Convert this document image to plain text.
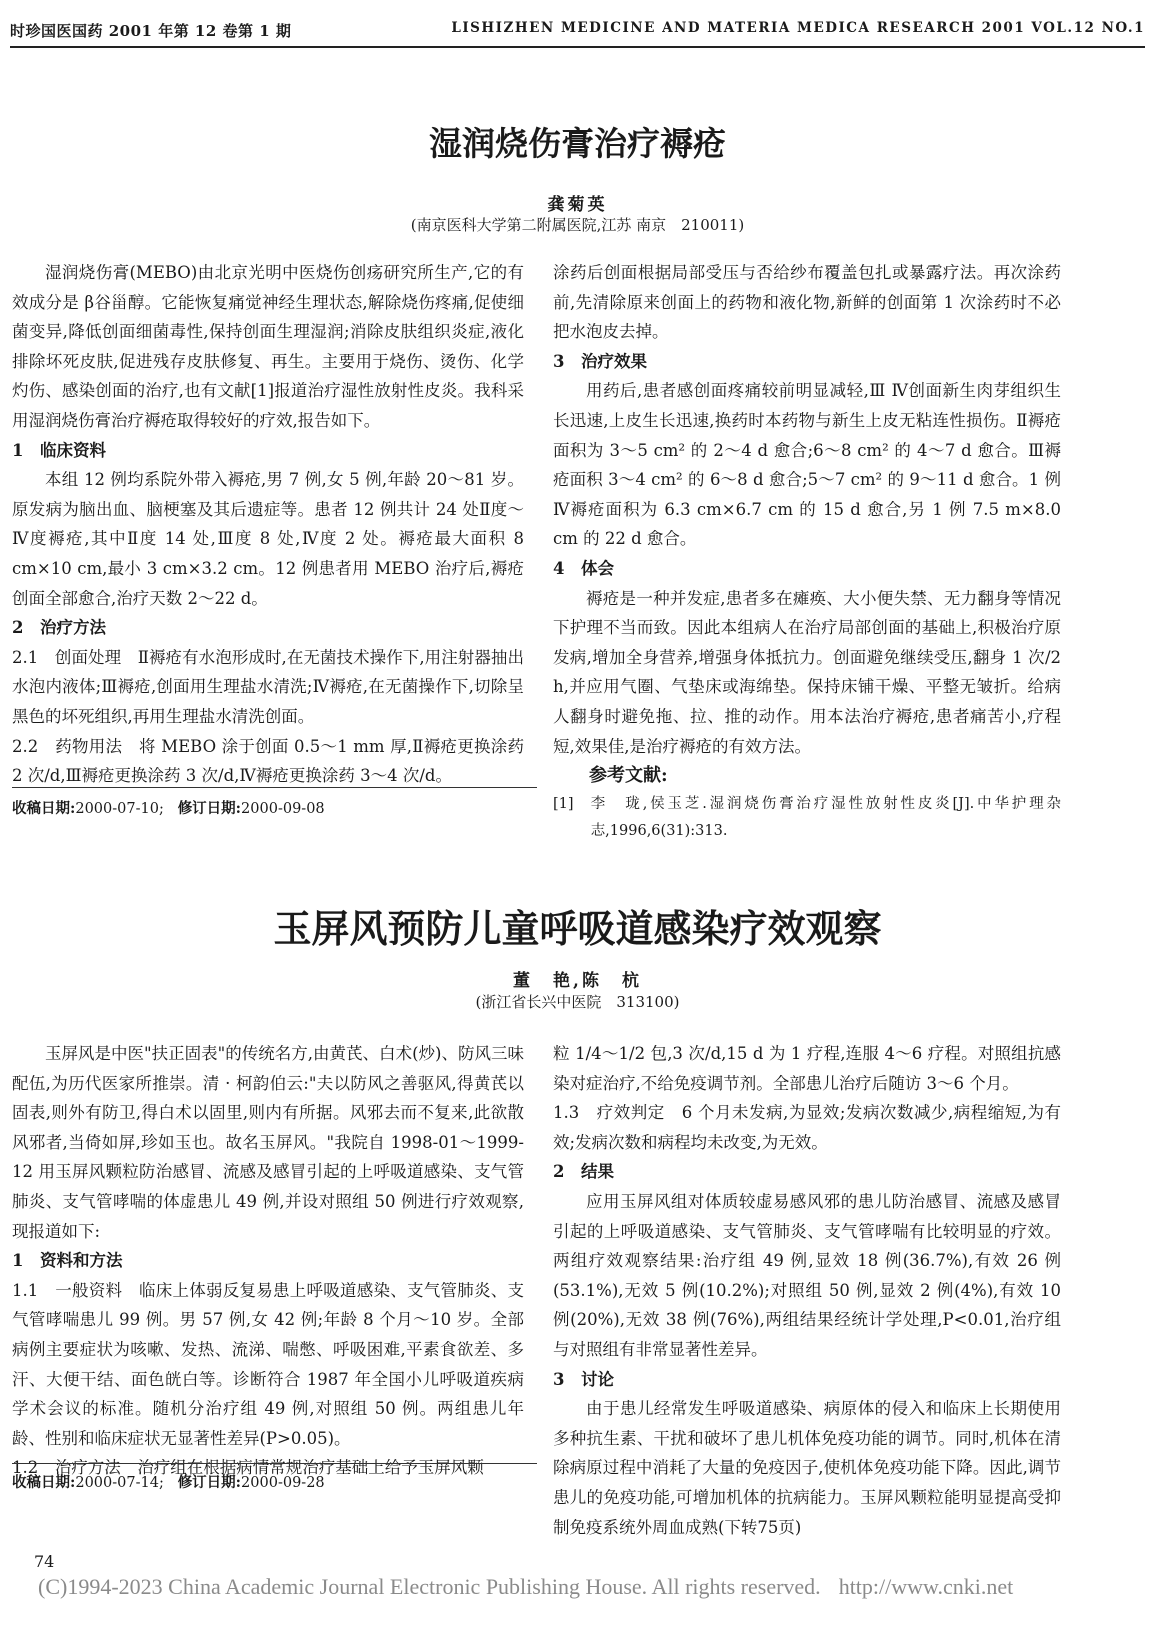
时珍国医国药 2001 年第 12 卷第 1 期	LISHIZHEN MEDICINE AND MATERIA MEDICA RESEARCH 2001 VOL.12 NO.1
湿润烧伤膏治疗褥疮
龚菊英
(南京医科大学第二附属医院,江苏 南京　210011)

湿润烧伤膏(MEBO)由北京光明中医烧伤创疡研究所生产,它的有效成分是 β谷甾醇。它能恢复痛觉神经生理状态,解除烧伤疼痛,促使细菌变异,降低创面细菌毒性,保持创面生理湿润;消除皮肤组织炎症,液化排除坏死皮肤,促进残存皮肤修复、再生。主要用于烧伤、烫伤、化学灼伤、感染创面的治疗,也有文献[1]报道治疗湿性放射性皮炎。我科采用湿润烧伤膏治疗褥疮取得较好的疗效,报告如下。

1　临床资料

本组 12 例均系院外带入褥疮,男 7 例,女 5 例,年龄 20～81 岁。原发病为脑出血、脑梗塞及其后遗症等。患者 12 例共计 24 处Ⅱ度～Ⅳ度褥疮,其中Ⅱ度 14 处,Ⅲ度 8 处,Ⅳ度 2 处。褥疮最大面积 8 cm×10 cm,最小 3 cm×3.2 cm。12 例患者用 MEBO 治疗后,褥疮创面全部愈合,治疗天数 2～22 d。

2　治疗方法

2.1　创面处理　Ⅱ褥疮有水泡形成时,在无菌技术操作下,用注射器抽出水泡内液体;Ⅲ褥疮,创面用生理盐水清洗;Ⅳ褥疮,在无菌操作下,切除呈黑色的坏死组织,再用生理盐水清洗创面。

2.2　药物用法　将 MEBO 涂于创面 0.5～1 mm 厚,Ⅱ褥疮更换涂药 2 次/d,Ⅲ褥疮更换涂药 3 次/d,Ⅳ褥疮更换涂药 3～4 次/d。

涂药后创面根据局部受压与否给纱布覆盖包扎或暴露疗法。再次涂药前,先清除原来创面上的药物和液化物,新鲜的创面第 1 次涂药时不必把水泡皮去掉。

3　治疗效果

用药后,患者感创面疼痛较前明显减轻,Ⅲ Ⅳ创面新生肉芽组织生长迅速,上皮生长迅速,换药时本药物与新生上皮无粘连性损伤。Ⅱ褥疮面积为 3～5 cm² 的 2～4 d 愈合;6～8 cm² 的 4～7 d 愈合。Ⅲ褥疮面积 3～4 cm² 的 6～8 d 愈合;5～7 cm² 的 9～11 d 愈合。1 例Ⅳ褥疮面积为 6.3 cm×6.7 cm 的 15 d 愈合,另 1 例 7.5 m×8.0 cm 的 22 d 愈合。

4　体会

褥疮是一种并发症,患者多在瘫痪、大小便失禁、无力翻身等情况下护理不当而致。因此本组病人在治疗局部创面的基础上,积极治疗原发病,增加全身营养,增强身体抵抗力。创面避免继续受压,翻身 1 次/2 h,并应用气圈、气垫床或海绵垫。保持床铺干燥、平整无皱折。给病人翻身时避免拖、拉、推的动作。用本法治疗褥疮,患者痛苦小,疗程短,效果佳,是治疗褥疮的有效方法。

参考文献:

[1] 李　珑,侯玉芝.湿润烧伤膏治疗湿性放射性皮炎[J].中华护理杂志,1996,6(31):313.

收稿日期:2000-07-10; 修订日期:2000-09-08
玉屏风预防儿童呼吸道感染疗效观察
董　艳,陈　杭
(浙江省长兴中医院　313100)

玉屏风是中医"扶正固表"的传统名方,由黄芪、白术(炒)、防风三味配伍,为历代医家所推崇。清 · 柯韵伯云:"夫以防风之善驱风,得黄芪以固表,则外有防卫,得白术以固里,则内有所据。风邪去而不复来,此欲散风邪者,当倚如屏,珍如玉也。故名玉屏风。"我院自 1998-01～1999-12 用玉屏风颗粒防治感冒、流感及感冒引起的上呼吸道感染、支气管肺炎、支气管哮喘的体虚患儿 49 例,并设对照组 50 例进行疗效观察,现报道如下:

1　资料和方法

1.1　一般资料　临床上体弱反复易患上呼吸道感染、支气管肺炎、支气管哮喘患儿 99 例。男 57 例,女 42 例;年龄 8 个月～10 岁。全部病例主要症状为咳嗽、发热、流涕、喘憋、呼吸困难,平素食欲差、多汗、大便干结、面色㿠白等。诊断符合 1987 年全国小儿呼吸道疾病学术会议的标准。随机分治疗组 49 例,对照组 50 例。两组患儿年龄、性别和临床症状无显著性差异(P>0.05)。

1.2　治疗方法　治疗组在根据病情常规治疗基础上给予玉屏风颗

粒 1/4～1/2 包,3 次/d,15 d 为 1 疗程,连服 4～6 疗程。对照组抗感染对症治疗,不给免疫调节剂。全部患儿治疗后随访 3～6 个月。

1.3　疗效判定　6 个月未发病,为显效;发病次数减少,病程缩短,为有效;发病次数和病程均未改变,为无效。

2　结果

应用玉屏风组对体质较虚易感风邪的患儿防治感冒、流感及感冒引起的上呼吸道感染、支气管肺炎、支气管哮喘有比较明显的疗效。两组疗效观察结果:治疗组 49 例,显效 18 例(36.7%),有效 26 例(53.1%),无效 5 例(10.2%);对照组 50 例,显效 2 例(4%),有效 10 例(20%),无效 38 例(76%),两组结果经统计学处理,P<0.01,治疗组与对照组有非常显著性差异。

3　讨论

由于患儿经常发生呼吸道感染、病原体的侵入和临床上长期使用多种抗生素、干扰和破坏了患儿机体免疫功能的调节。同时,机体在清除病原过程中消耗了大量的免疫因子,使机体免疫功能下降。因此,调节患儿的免疫功能,可增加机体的抗病能力。玉屏风颗粒能明显提高受抑制免疫系统外周血成熟(下转75页)

收稿日期:2000-07-14; 修订日期:2000-09-28
74
(C)1994-2023 China Academic Journal Electronic Publishing House. All rights reserved. http://www.cnki.net
